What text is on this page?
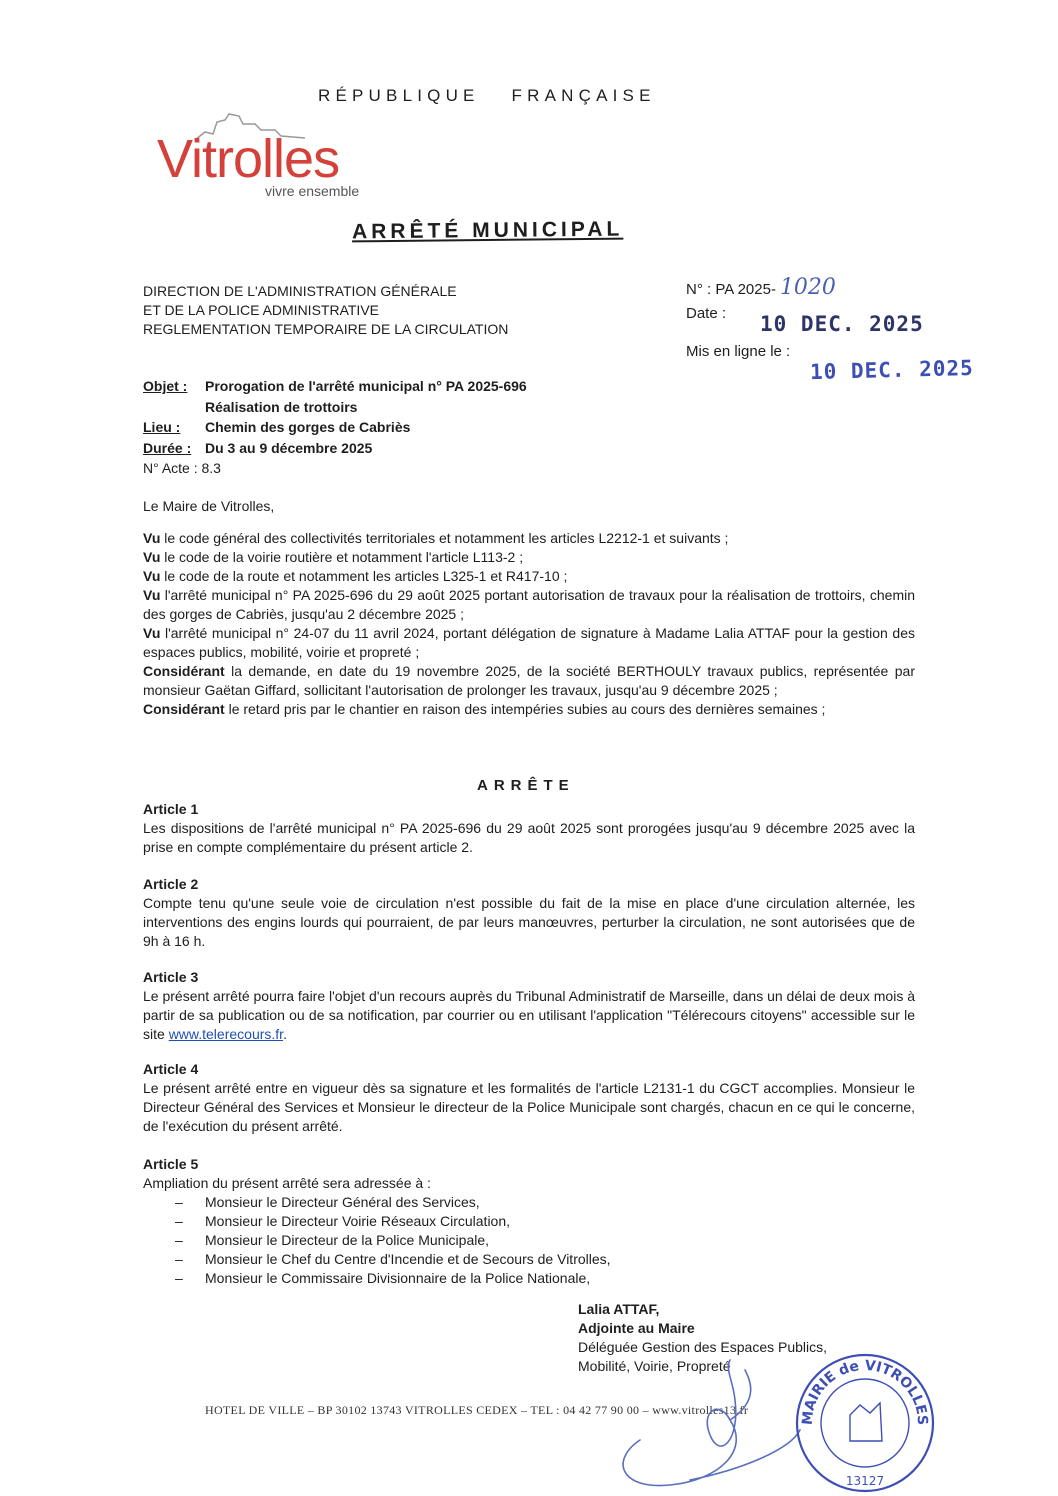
RÉPUBLIQUE FRANÇAISE
Vitrolles
vivre ensemble
ARRÊTÉ MUNICIPAL
DIRECTION DE L'ADMINISTRATION GÉNÉRALE
ET DE LA POLICE ADMINISTRATIVE
REGLEMENTATION TEMPORAIRE DE LA CIRCULATION
N° : PA 2025- 1020
Date :
Mis en ligne le :
10 DEC. 2025
10 DEC. 2025
Objet : Prorogation de l'arrêté municipal n° PA 2025-696
Réalisation de trottoirs
Lieu : Chemin des gorges de Cabriès
Durée : Du 3 au 9 décembre 2025
N° Acte : 8.3
Le Maire de Vitrolles,

Vu le code général des collectivités territoriales et notamment les articles L2212-1 et suivants ;

Vu le code de la voirie routière et notamment l'article L113-2 ;

Vu le code de la route et notamment les articles L325-1 et R417-10 ;

Vu l'arrêté municipal n° PA 2025-696 du 29 août 2025 portant autorisation de travaux pour la réalisation de trottoirs, chemin des gorges de Cabriès, jusqu'au 2 décembre 2025 ;

Vu l'arrêté municipal n° 24-07 du 11 avril 2024, portant délégation de signature à Madame Lalia ATTAF pour la gestion des espaces publics, mobilité, voirie et propreté ;

Considérant la demande, en date du 19 novembre 2025, de la société BERTHOULY travaux publics, représentée par monsieur Gaëtan Giffard, sollicitant l'autorisation de prolonger les travaux, jusqu'au 9 décembre 2025 ;

Considérant le retard pris par le chantier en raison des intempéries subies au cours des dernières semaines ;

ARRÊTE

Article 1

Les dispositions de l'arrêté municipal n° PA 2025-696 du 29 août 2025 sont prorogées jusqu'au 9 décembre 2025 avec la prise en compte complémentaire du présent article 2.

Article 2

Compte tenu qu'une seule voie de circulation n'est possible du fait de la mise en place d'une circulation alternée, les interventions des engins lourds qui pourraient, de par leurs manœuvres, perturber la circulation, ne sont autorisées que de 9h à 16 h.

Article 3

Le présent arrêté pourra faire l'objet d'un recours auprès du Tribunal Administratif de Marseille, dans un délai de deux mois à partir de sa publication ou de sa notification, par courrier ou en utilisant l'application "Télérecours citoyens" accessible sur le site www.telerecours.fr.

Article 4

Le présent arrêté entre en vigueur dès sa signature et les formalités de l'article L2131-1 du CGCT accomplies. Monsieur le Directeur Général des Services et Monsieur le directeur de la Police Municipale sont chargés, chacun en ce qui le concerne, de l'exécution du présent arrêté.

Article 5

Ampliation du présent arrêté sera adressée à :

– Monsieur le Directeur Général des Services,
– Monsieur le Directeur Voirie Réseaux Circulation,
– Monsieur le Directeur de la Police Municipale,
– Monsieur le Chef du Centre d'Incendie et de Secours de Vitrolles,
– Monsieur le Commissaire Divisionnaire de la Police Nationale,
Lalia ATTAF,
Adjointe au Maire
Déléguée Gestion des Espaces Publics,
Mobilité, Voirie, Propreté
HOTEL DE VILLE – BP 30102 13743 VITROLLES CEDEX – TEL : 04 42 77 90 00 – www.vitrolles13.fr
MAIRIE de VITROLLES
13127
